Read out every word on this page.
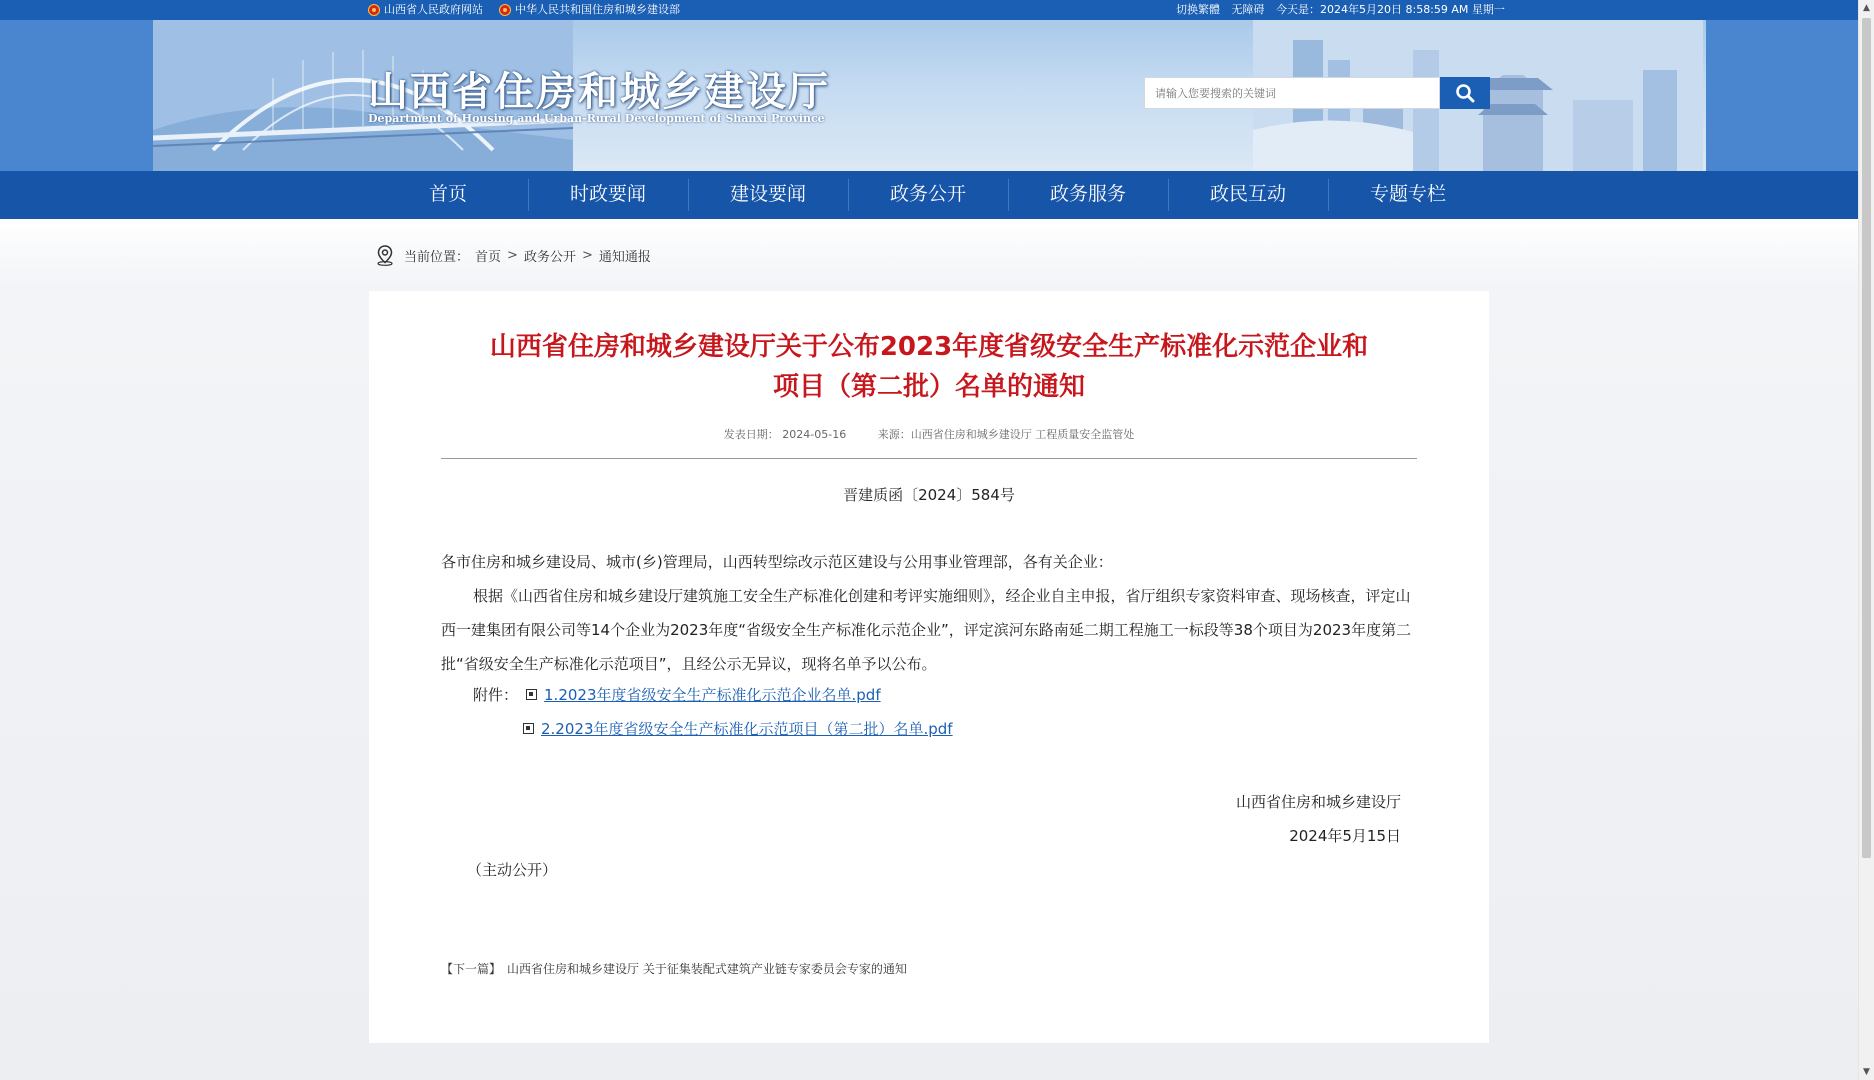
山西省人民政府网站	中华人民共和国住房和城乡建设部	切换繁體 无障碍 今天是：2024年5月20日 8:58:59 AM 星期一
山西省住房和城乡建设厅
Department of Housing and Urban-Rural Development of Shanxi Province
请输入您要搜索的关键词
首页	时政要闻	建设要闻	政务公开	政务服务	政民互动	专题专栏
当前位置： 首页 > 政务公开 > 通知通报
山西省住房和城乡建设厅关于公布2023年度省级安全生产标准化示范企业和
项目（第二批）名单的通知
发表日期： 2024-05-16	来源：山西省住房和城乡建设厅 工程质量安全监管处
晋建质函〔2024〕584号
各市住房和城乡建设局、城市(乡)管理局，山西转型综改示范区建设与公用事业管理部，各有关企业：
根据《山西省住房和城乡建设厅建筑施工安全生产标准化创建和考评实施细则》，经企业自主申报，省厅组织专家资料审查、现场核查，评定山西一建集团有限公司等14个企业为2023年度“省级安全生产标准化示范企业”，评定滨河东路南延二期工程施工一标段等38个项目为2023年度第二批“省级安全生产标准化示范项目”，且经公示无异议，现将名单予以公布。
附件： 1.2023年度省级安全生产标准化示范企业名单.pdf
2.2023年度省级安全生产标准化示范项目（第二批）名单.pdf
山西省住房和城乡建设厅
2024年5月15日
（主动公开）
【下一篇】 山西省住房和城乡建设厅 关于征集装配式建筑产业链专家委员会专家的通知
▲
▼
